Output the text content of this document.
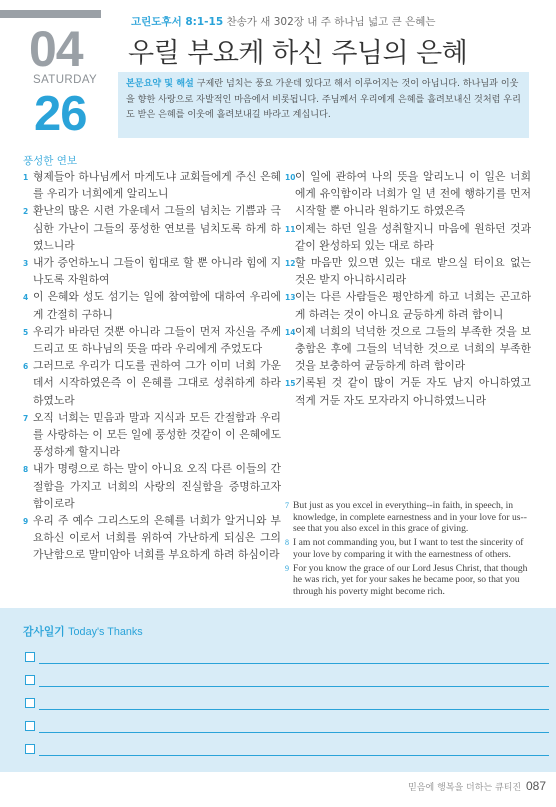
04
SATURDAY
26
고린도후서 8:1-15 찬송가 새 302장 내 주 하나님 넓고 큰 은혜는
우릴 부요케 하신 주님의 은혜
본문요약 및 해설 구제란 넘치는 풍요 가운데 있다고 해서 이루어지는 것이 아닙니다. 하나님과 이웃을 향한 사랑으로 자발적인 마음에서 비롯됩니다. 주님께서 우리에게 은혜를 흘려보내신 것처럼 우리도 받은 은혜를 이웃에 흘려보내길 바라고 계십니다.
풍성한 연보
1 형제들아 하나님께서 마게도냐 교회들에게 주신 은혜를 우리가 너희에게 알리노니
2 환난의 많은 시련 가운데서 그들의 넘치는 기쁨과 극심한 가난이 그들의 풍성한 연보를 넘치도록 하게 하였느니라
3 내가 증언하노니 그들이 힘대로 할 뿐 아니라 힘에 지나도록 자원하여
4 이 은혜와 성도 섬기는 일에 참여함에 대하여 우리에게 간절히 구하니
5 우리가 바라던 것뿐 아니라 그들이 먼저 자신을 주께 드리고 또 하나님의 뜻을 따라 우리에게 주었도다
6 그러므로 우리가 디도를 권하여 그가 이미 너희 가운데서 시작하였은즉 이 은혜를 그대로 성취하게 하라 하였노라
7 오직 너희는 믿음과 말과 지식과 모든 간절함과 우리를 사랑하는 이 모든 일에 풍성한 것같이 이 은혜에도 풍성하게 할지니라
8 내가 명령으로 하는 말이 아니요 오직 다른 이들의 간절함을 가지고 너희의 사랑의 진실함을 증명하고자 함이로라
9 우리 주 예수 그리스도의 은혜를 너희가 알거니와 부요하신 이로서 너희를 위하여 가난하게 되심은 그의 가난함으로 말미암아 너희를 부요하게 하려 하심이라
10 이 일에 관하여 나의 뜻을 알리노니 이 일은 너희에게 유익함이라 너희가 일 년 전에 행하기를 먼저 시작할 뿐 아니라 원하기도 하였은즉
11 이제는 하던 일을 성취할지니 마음에 원하던 것과 같이 완성하되 있는 대로 하라
12 할 마음만 있으면 있는 대로 받으실 터이요 없는 것은 받지 아니하시리라
13 이는 다른 사람들은 평안하게 하고 너희는 곤고하게 하려는 것이 아니요 균등하게 하려 함이니
14 이제 너희의 넉넉한 것으로 그들의 부족한 것을 보충함은 후에 그들의 넉넉한 것으로 너희의 부족한 것을 보충하여 균등하게 하려 함이라
15 기록된 것 같이 많이 거둔 자도 남지 아니하였고 적게 거둔 자도 모자라지 아니하였느니라
7 But just as you excel in everything--in faith, in speech, in knowledge, in complete earnestness and in your love for us--see that you also excel in this grace of giving.
8 I am not commanding you, but I want to test the sincerity of your love by comparing it with the earnestness of others.
9 For you know the grace of our Lord Jesus Christ, that though he was rich, yet for your sakes he became poor, so that you through his poverty might become rich.
감사일기 Today's Thanks
믿음에 행복을 더하는 큐티진 087
